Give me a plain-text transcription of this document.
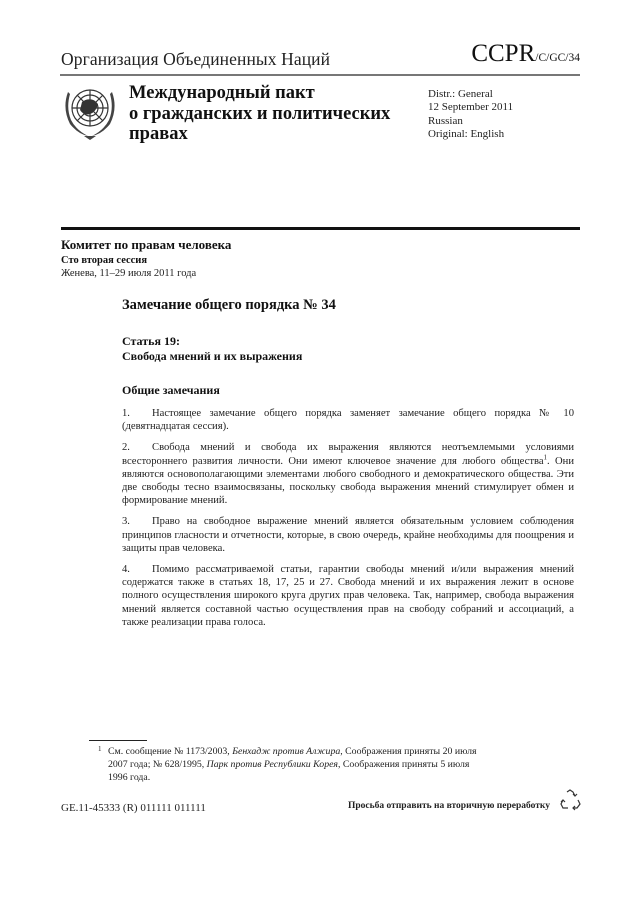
Организация Объединенных Наций	CCPR/C/GC/34
Международный пакт
о гражданских и политических
правах
Distr.: General
12 September 2011
Russian
Original: English
Комитет по правам человека
Сто вторая сессия
Женева, 11–29 июля 2011 года
Замечание общего порядка № 34
Статья 19:
Свобода мнений и их выражения
Общие замечания

1. Настоящее замечание общего порядка заменяет замечание общего порядка № 10 (девятнадцатая сессия).

2. Свобода мнений и свобода их выражения являются неотъемлемыми условиями всестороннего развития личности. Они имеют ключевое значение для любого общества$^1$. Они являются основополагающими элементами любого свободного и демократического общества. Эти две свободы тесно взаимосвязаны, поскольку свобода выражения мнений стимулирует обмен и формирование мнений.

3. Право на свободное выражение мнений является обязательным условием соблюдения принципов гласности и отчетности, которые, в свою очередь, крайне необходимы для поощрения и защиты прав человека.

4. Помимо рассматриваемой статьи, гарантии свободы мнений и/или выражения мнений содержатся также в статьях 18, 17, 25 и 27. Свобода мнений и их выражения лежит в основе полного осуществления широкого круга других прав человека. Так, например, свобода выражения мнений является составной частью осуществления прав на свободу собраний и ассоциаций, а также реализации права голоса.

1 См. сообщение № 1173/2003, Бенхадж против Алжира, Соображения приняты 20 июля 2007 года; № 628/1995, Парк против Республики Корея, Соображения приняты 5 июля 1996 года.
GE.11-45333 (R) 011111 011111	Просьба отправить на вторичную переработку
